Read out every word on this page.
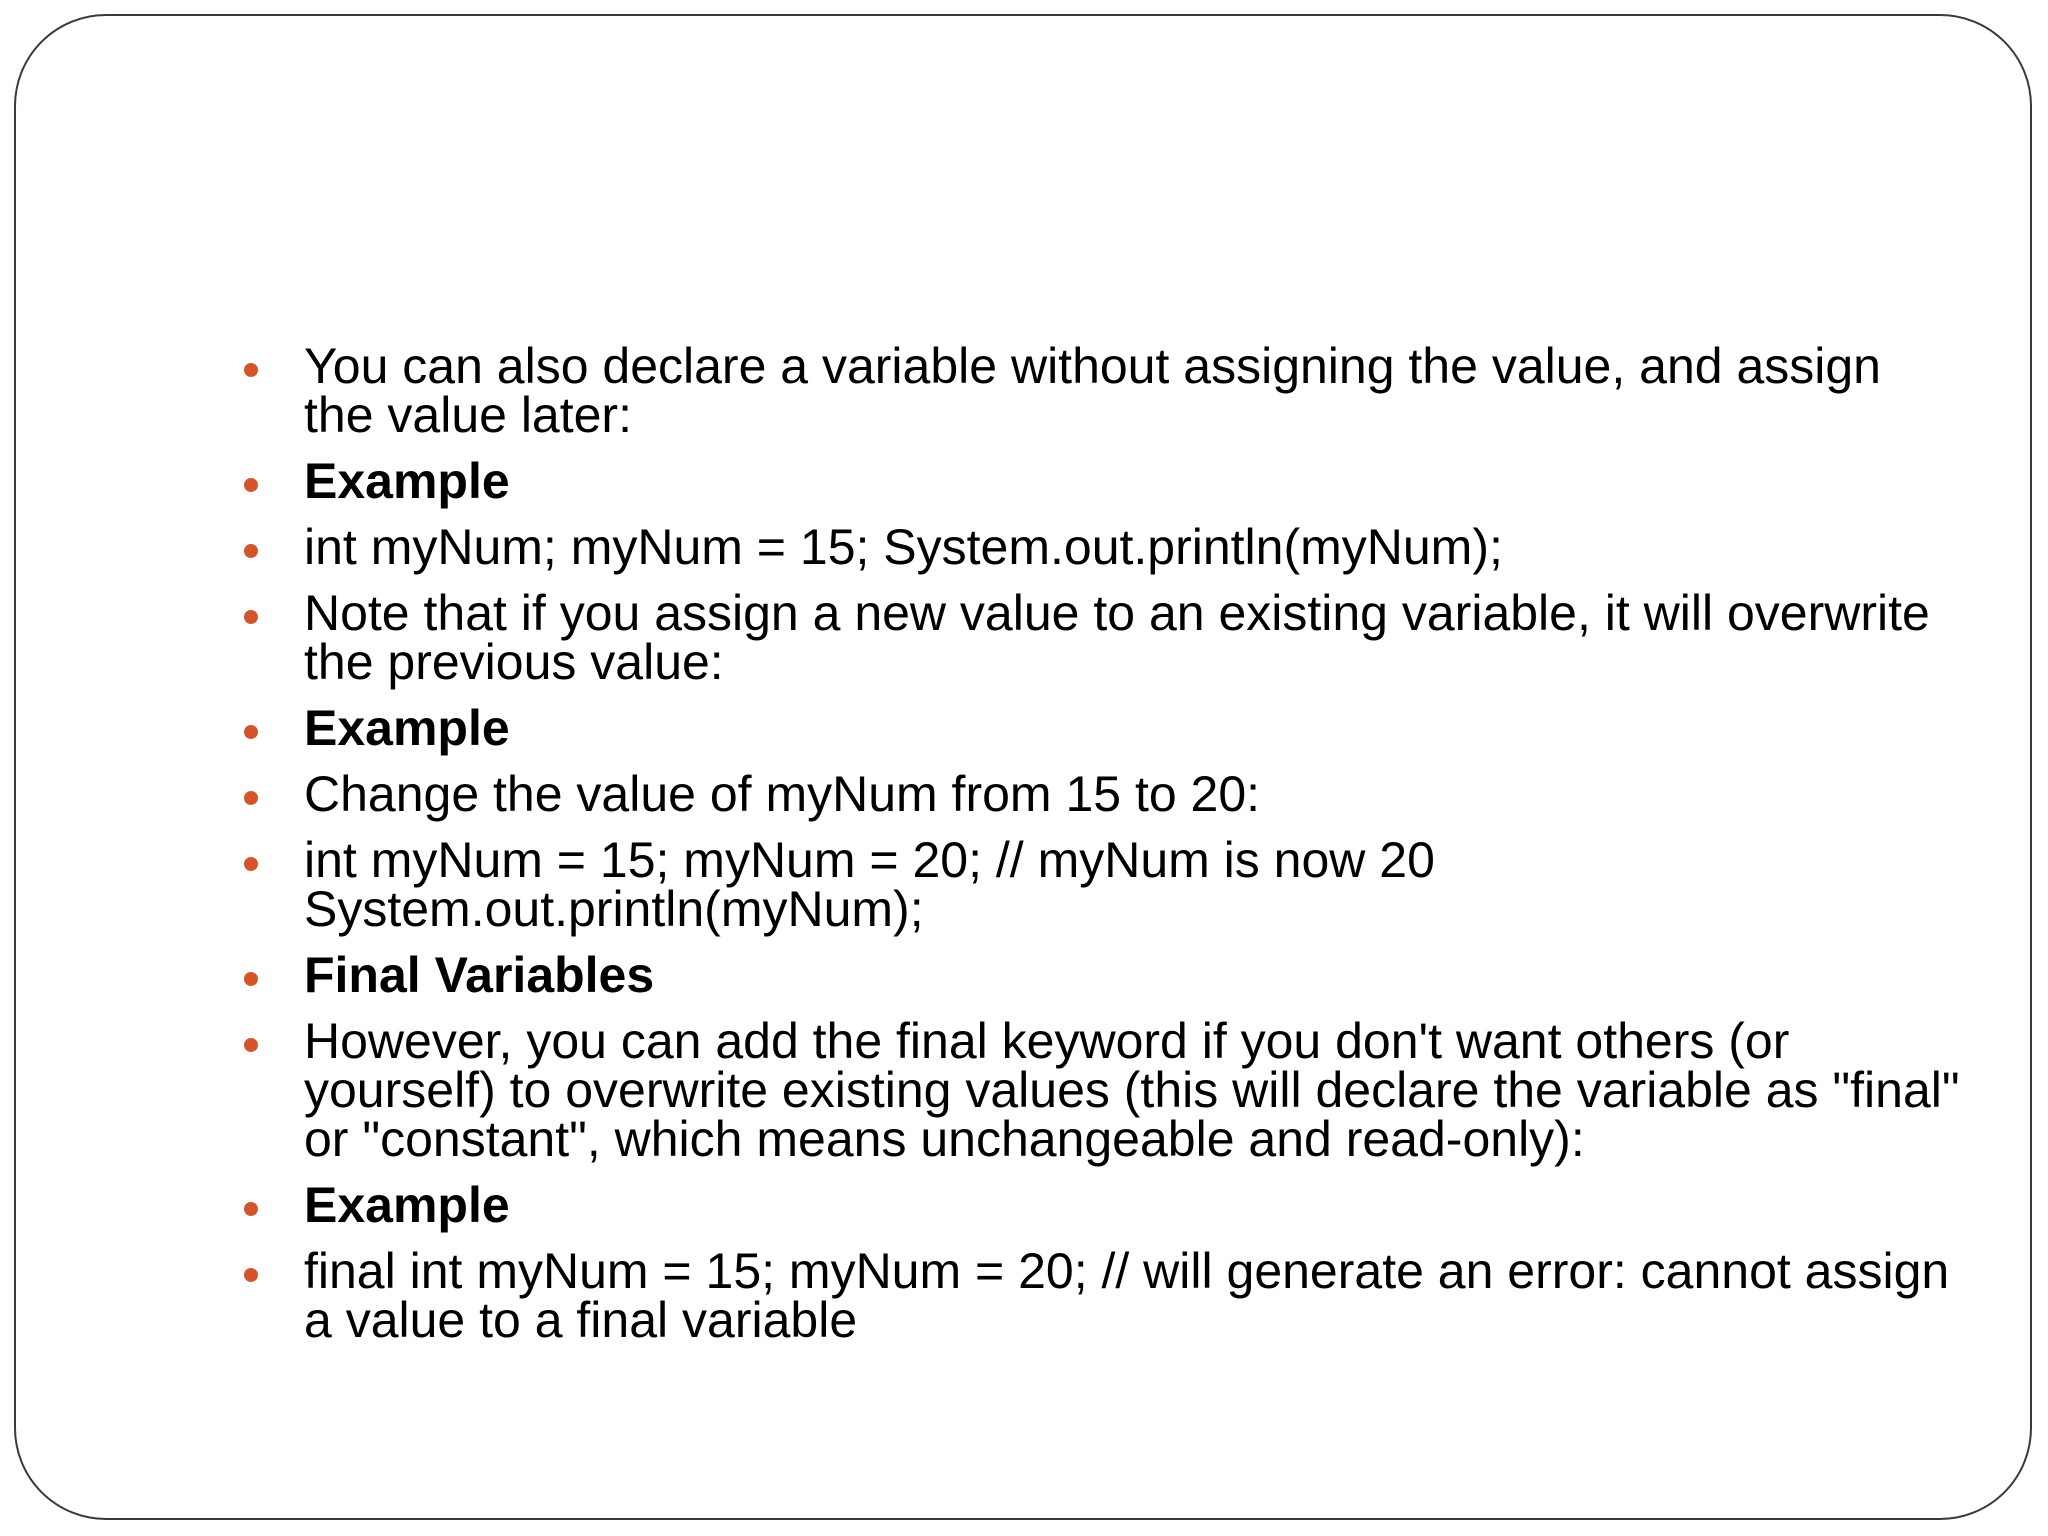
You can also declare a variable without assigning the value, and assign the value later:
Example
int myNum; myNum = 15; System.out.println(myNum);
Note that if you assign a new value to an existing variable, it will overwrite the previous value:
Example
Change the value of myNum from 15 to 20:
int myNum = 15; myNum = 20; // myNum is now 20 System.out.println(myNum);
Final Variables
However, you can add the final keyword if you don't want others (or yourself) to overwrite existing values (this will declare the variable as "final" or "constant", which means unchangeable and read-only):
Example
final int myNum = 15; myNum = 20; // will generate an error: cannot assign a value to a final variable
